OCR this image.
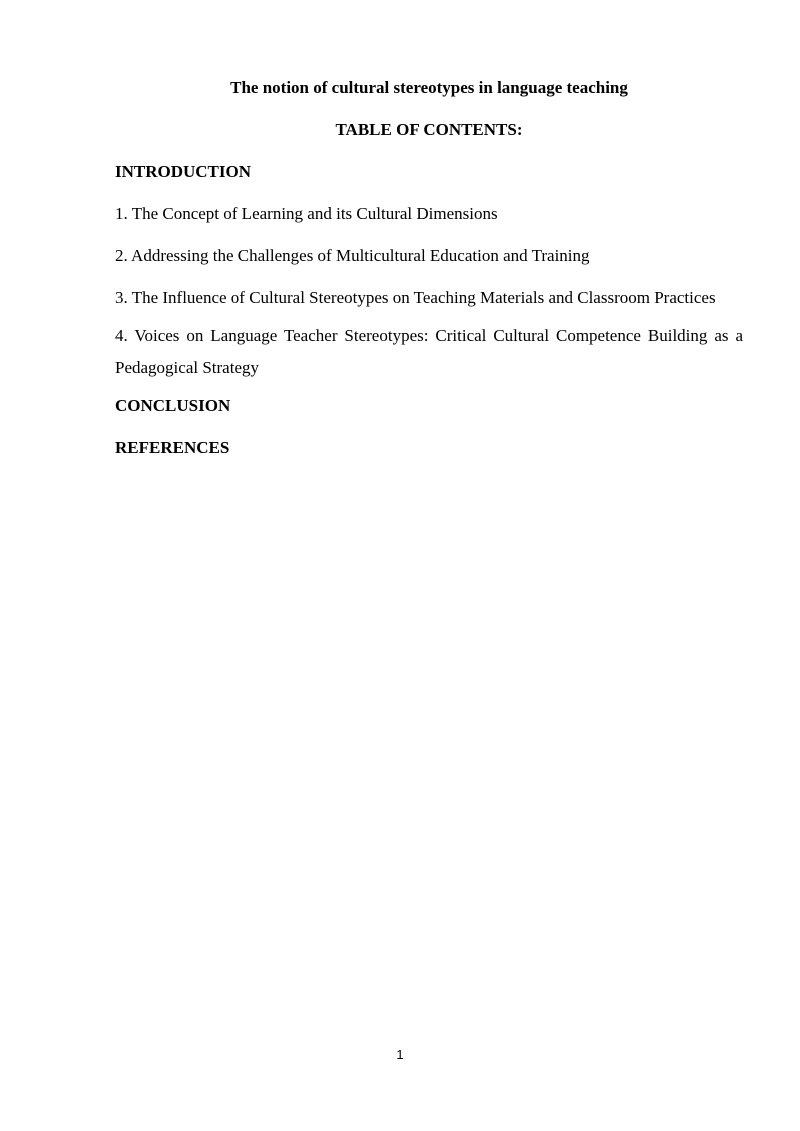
The notion of cultural stereotypes in language teaching
TABLE OF CONTENTS:
INTRODUCTION
1. The Concept of Learning and its Cultural Dimensions
2. Addressing the Challenges of Multicultural Education and Training
3. The Influence of Cultural Stereotypes on Teaching Materials and Classroom Practices
4. Voices on Language Teacher Stereotypes: Critical Cultural Competence Building as a Pedagogical Strategy
CONCLUSION
REFERENCES
1
